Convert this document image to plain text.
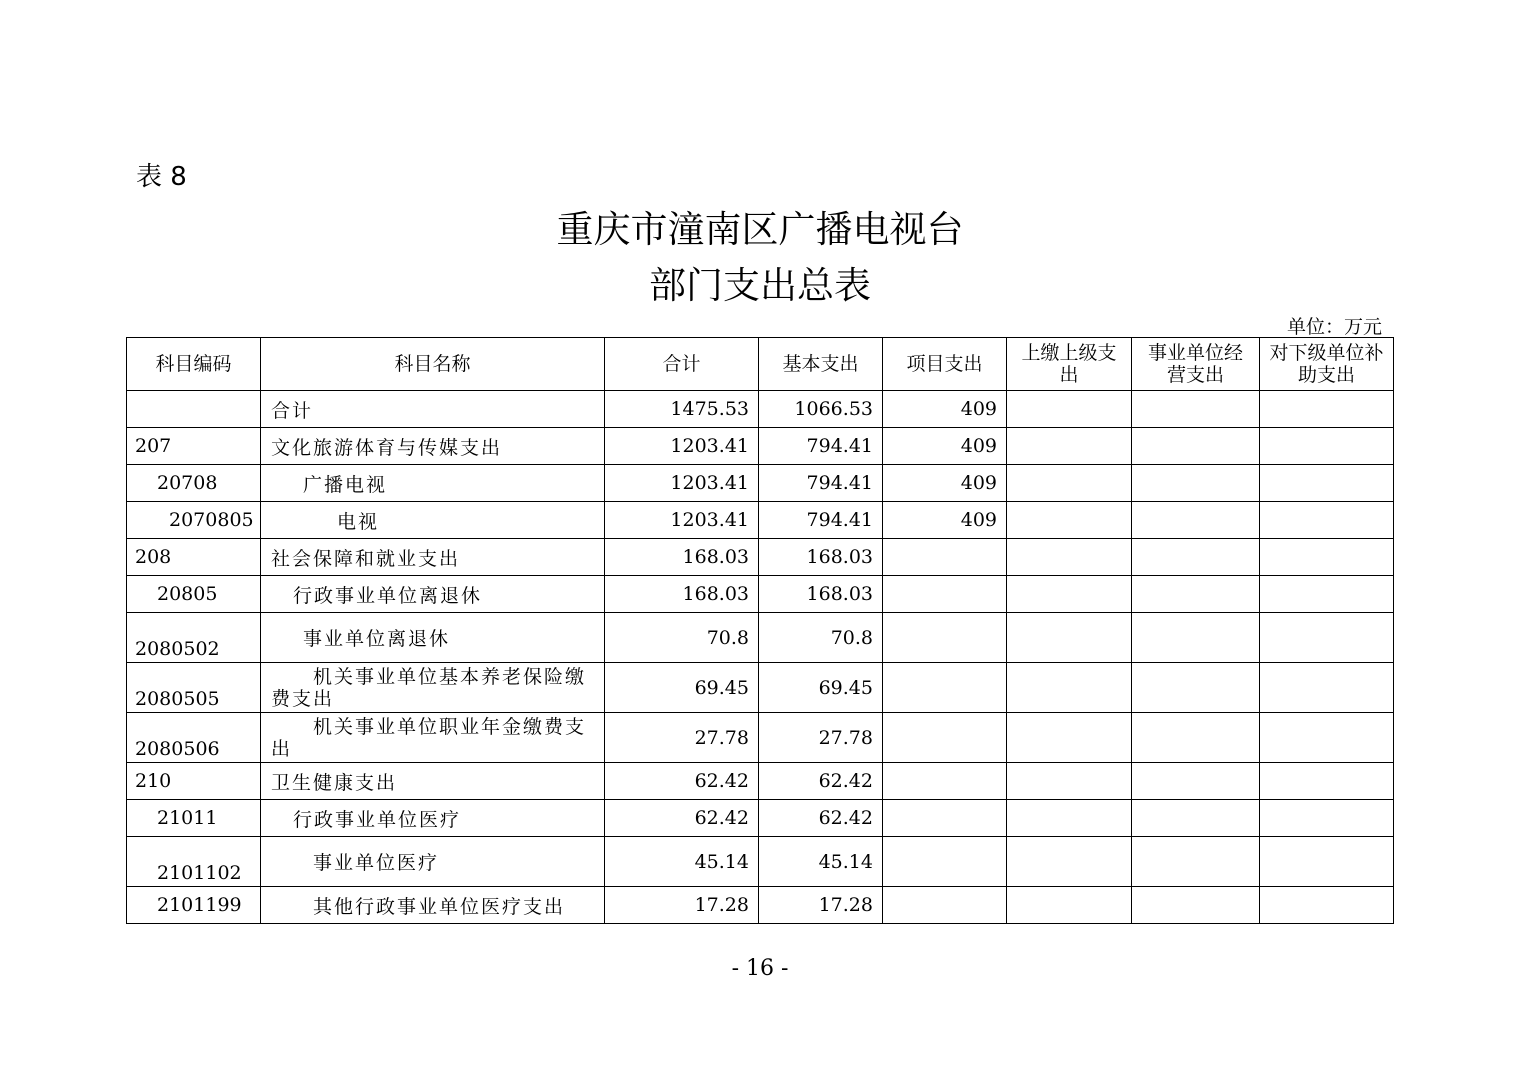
表 8
重庆市潼南区广播电视台
部门支出总表
单位：万元
科目编码	科目名称	合计	基本支出	项目支出	上缴上级支出	事业单位经营支出	对下级单位补助支出
	合计	1475.53	1066.53	409			
207	文化旅游体育与传媒支出	1203.41	794.41	409			
20708	广播电视	1203.41	794.41	409			
2070805	电视	1203.41	794.41	409			
208	社会保障和就业支出	168.03	168.03				
20805	行政事业单位离退休	168.03	168.03				
2080502	事业单位离退休	70.8	70.8				
2080505	机关事业单位基本养老保险缴费支出	69.45	69.45				
2080506	机关事业单位职业年金缴费支出	27.78	27.78				
210	卫生健康支出	62.42	62.42				
21011	行政事业单位医疗	62.42	62.42				
2101102	事业单位医疗	45.14	45.14				
2101199	其他行政事业单位医疗支出	17.28	17.28				
- 16 -
